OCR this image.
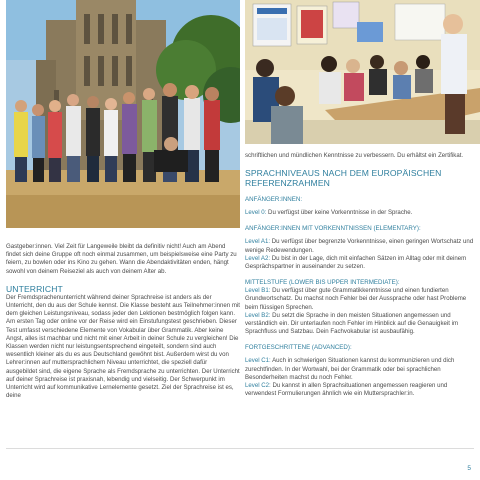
Gastgeber:innen. Viel Zeit für Langeweile bleibt da definitiv nicht! Auch am Abend findet sich deine Gruppe oft noch einmal zusammen, um beispielsweise eine Party zu feiern, zu bowlen oder ins Kino zu gehen. Wann die Abendaktivitäten enden, hängt sowohl von deinem Reiseziel als auch von deinem Alter ab.

UNTERRICHT

Der Fremdsprachenunterricht während deiner Sprachreise ist anders als der Unterricht, den du aus der Schule kennst. Die Klasse besteht aus Teilnehmer:innen mit dem gleichen Leistungsniveau, sodass jeder den Lektionen bestmöglich folgen kann. Am ersten Tag oder online vor der Reise wird ein Einstufungstest geschrieben. Dieser Test umfasst verschiedene Elemente von Vokabular über Grammatik. Aber keine Angst, alles ist machbar und nicht mit einer Arbeit in deiner Schule zu vergleichen! Die Klassen werden nicht nur leistungsentsprechend eingeteilt, sondern sind auch wesentlich kleiner als du es aus Deutschland gewöhnt bist. Außerdem wirst du von Lehrer:innen auf muttersprachlichem Niveau unterrichtet, die speziell dafür ausgebildet sind, die eigene Sprache als Fremdsprache zu unterrichten. Der Unterricht auf deiner Sprachreise ist praxisnah, lebendig und vielseitig. Der Schwerpunkt im Unterricht wird auf kommunikative Lernelemente gesetzt. Ziel der Sprachreise ist es, deine

schriftlichen und mündlichen Kenntnisse zu verbessern. Du erhältst ein Zertifikat.

SPRACHNIVEAUS NACH DEM EUROPÄISCHEN REFERENZRAHMEN
ANFÄNGER:INNEN:

Level 0: Du verfügst über keine Vorkenntnisse in der Sprache.

ANFÄNGER:INNEN MIT VORKENNTNISSEN (ELEMENTARY):

Level A1: Du verfügst über begrenzte Vorkenntnisse, einen geringen Wortschatz und wenige Redewendungen.

Level A2: Du bist in der Lage, dich mit einfachen Sätzen im Alltag oder mit deinem Gesprächspartner in auseinander zu setzen.

MITTELSTUFE (LOWER BIS UPPER INTERMEDIATE):

Level B1: Du verfügst über gute Grammatikkenntnisse und einen fundierten Grundwortschatz. Du machst noch Fehler bei der Aussprache oder hast Probleme beim flüssigen Sprechen.

Level B2: Du setzt die Sprache in den meisten Situationen angemessen und verständlich ein. Dir unterlaufen noch Fehler im Hinblick auf die Genauigkeit im Sprachfluss und Satzbau. Dein Fachvokabular ist ausbaufähig.

FORTGESCHRITTENE (ADVANCED):

Level C1: Auch in schwierigen Situationen kannst du kommunizieren und dich zurechtfinden. In der Wortwahl, bei der Grammatik oder bei sprachlichen Besonderheiten machst du noch Fehler.

Level C2: Du kannst in allen Sprachsituationen angemessen reagieren und verwendest Formulierungen ähnlich wie ein Muttersprachler:in.

5
